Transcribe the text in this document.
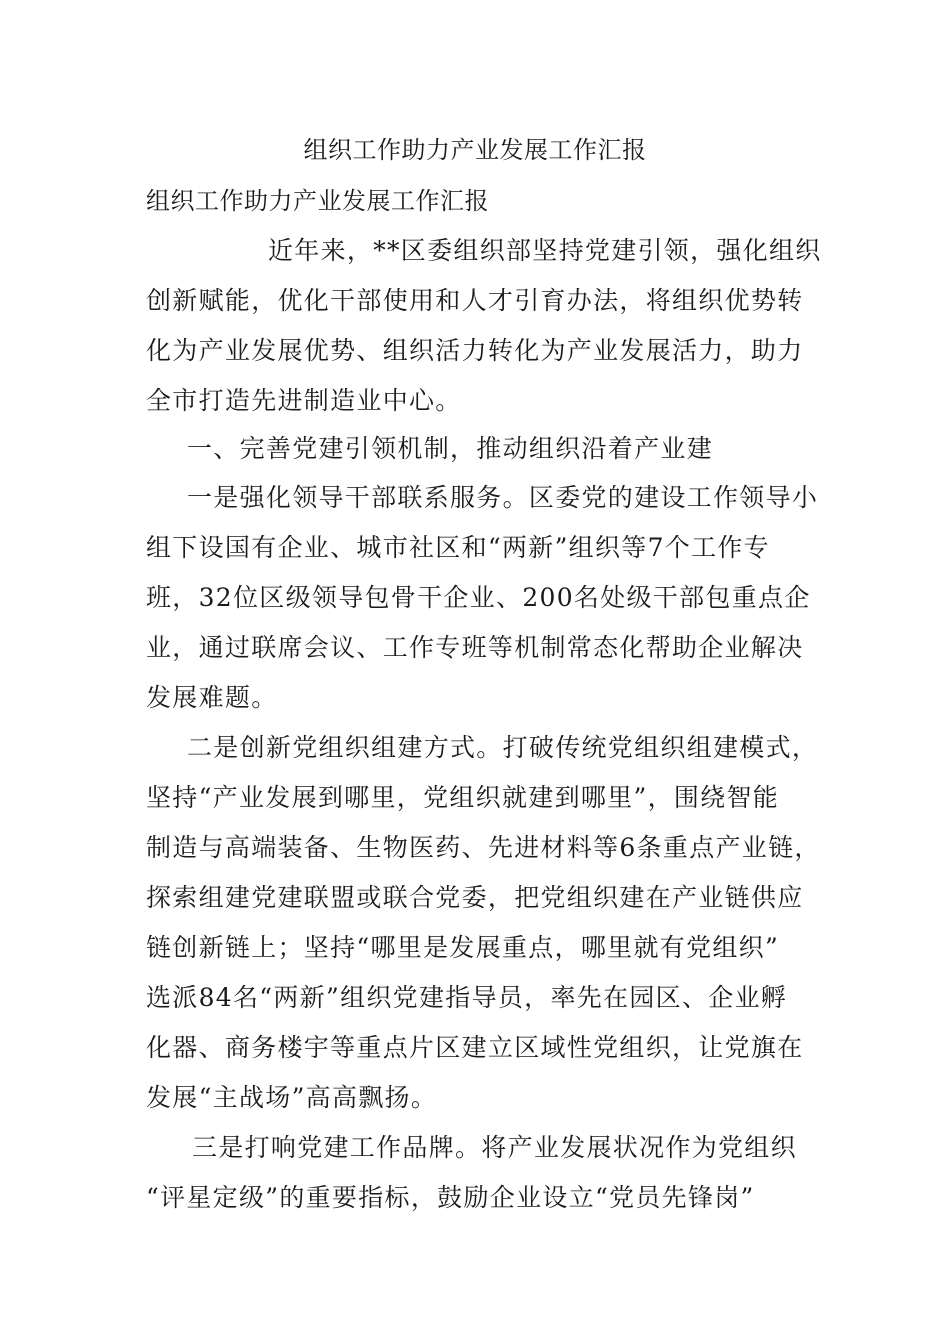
组织工作助力产业发展工作汇报
组织工作助力产业发展工作汇报
近年来，**区委组织部坚持党建引领，强化组织
创新赋能，优化干部使用和人才引育办法，将组织优势转
化为产业发展优势、组织活力转化为产业发展活力，助力
全市打造先进制造业中心。
一、完善党建引领机制，推动组织沿着产业建
一是强化领导干部联系服务。区委党的建设工作领导小
组下设国有企业、城市社区和“两新”组织等7个工作专
班，32位区级领导包骨干企业、200名处级干部包重点企
业，通过联席会议、工作专班等机制常态化帮助企业解决
发展难题。
二是创新党组织组建方式。打破传统党组织组建模式，
坚持“产业发展到哪里，党组织就建到哪里”，围绕智能
制造与高端装备、生物医药、先进材料等6条重点产业链，
探索组建党建联盟或联合党委，把党组织建在产业链供应
链创新链上；坚持“哪里是发展重点，哪里就有党组织”
选派84名“两新”组织党建指导员，率先在园区、企业孵
化器、商务楼宇等重点片区建立区域性党组织，让党旗在
发展“主战场”高高飘扬。
三是打响党建工作品牌。将产业发展状况作为党组织
“评星定级”的重要指标，鼓励企业设立“党员先锋岗”
